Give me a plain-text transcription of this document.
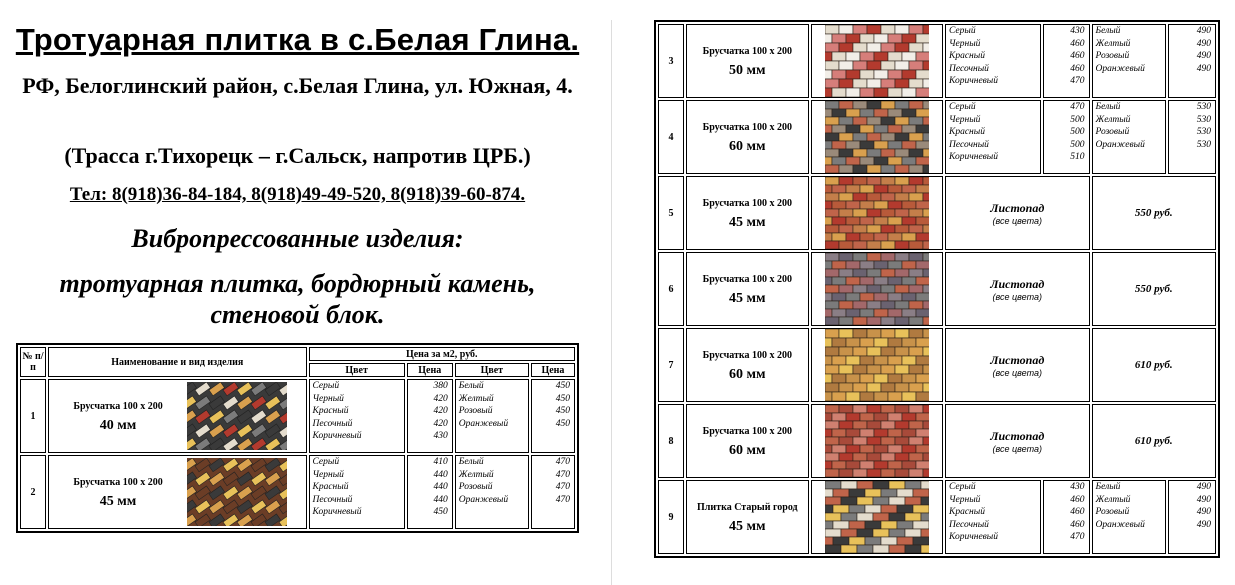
Тротуарная плитка в с.Белая Глина.
РФ, Белоглинский район, с.Белая Глина, ул. Южная, 4.
(Трасса г.Тихорецк – г.Сальск, напротив ЦРБ.)
Тел: 8(918)36-84-184, 8(918)49-49-520, 8(918)39-60-874.
Вибропрессованные изделия:
тротуарная плитка, бордюрный камень, стеновой блок.
№ п/п	Наименование и вид изделия	Цена за м2, руб.			
		Цвет	Цена	Цвет	Цена
1	Брусчатка 100 х 200
40 мм	Серый
Черный
Красный
Песочный
Коричневый	380
420
420
420
430	Белый
Желтый
Розовый
Оранжевый	450
450
450
450
2	Брусчатка 100 х 200
45 мм	Серый
Черный
Красный
Песочный
Коричневый	410
440
440
440
450	Белый
Желтый
Розовый
Оранжевый	470
470
470
470
3	Брусчатка 100 х 200
50 мм		Серый
Черный
Красный
Песочный
Коричневый	430
460
460
460
470	Белый
Желтый
Розовый
Оранжевый	490
490
490
490
4	Брусчатка 100 х 200
60 мм		Серый
Черный
Красный
Песочный
Коричневый	470
500
500
500
510	Белый
Желтый
Розовый
Оранжевый	530
530
530
530
5	Брусчатка 100 х 200
45 мм		Листопад
(все цвета)		550 руб.	
6	Брусчатка 100 х 200
45 мм		Листопад
(все цвета)		550 руб.	
7	Брусчатка 100 х 200
60 мм		Листопад
(все цвета)		610 руб.	
8	Брусчатка 100 х 200
60 мм		Листопад
(все цвета)		610 руб.	
9	Плитка Старый город
45 мм		Серый
Черный
Красный
Песочный
Коричневый	430
460
460
460
470	Белый
Желтый
Розовый
Оранжевый	490
490
490
490
